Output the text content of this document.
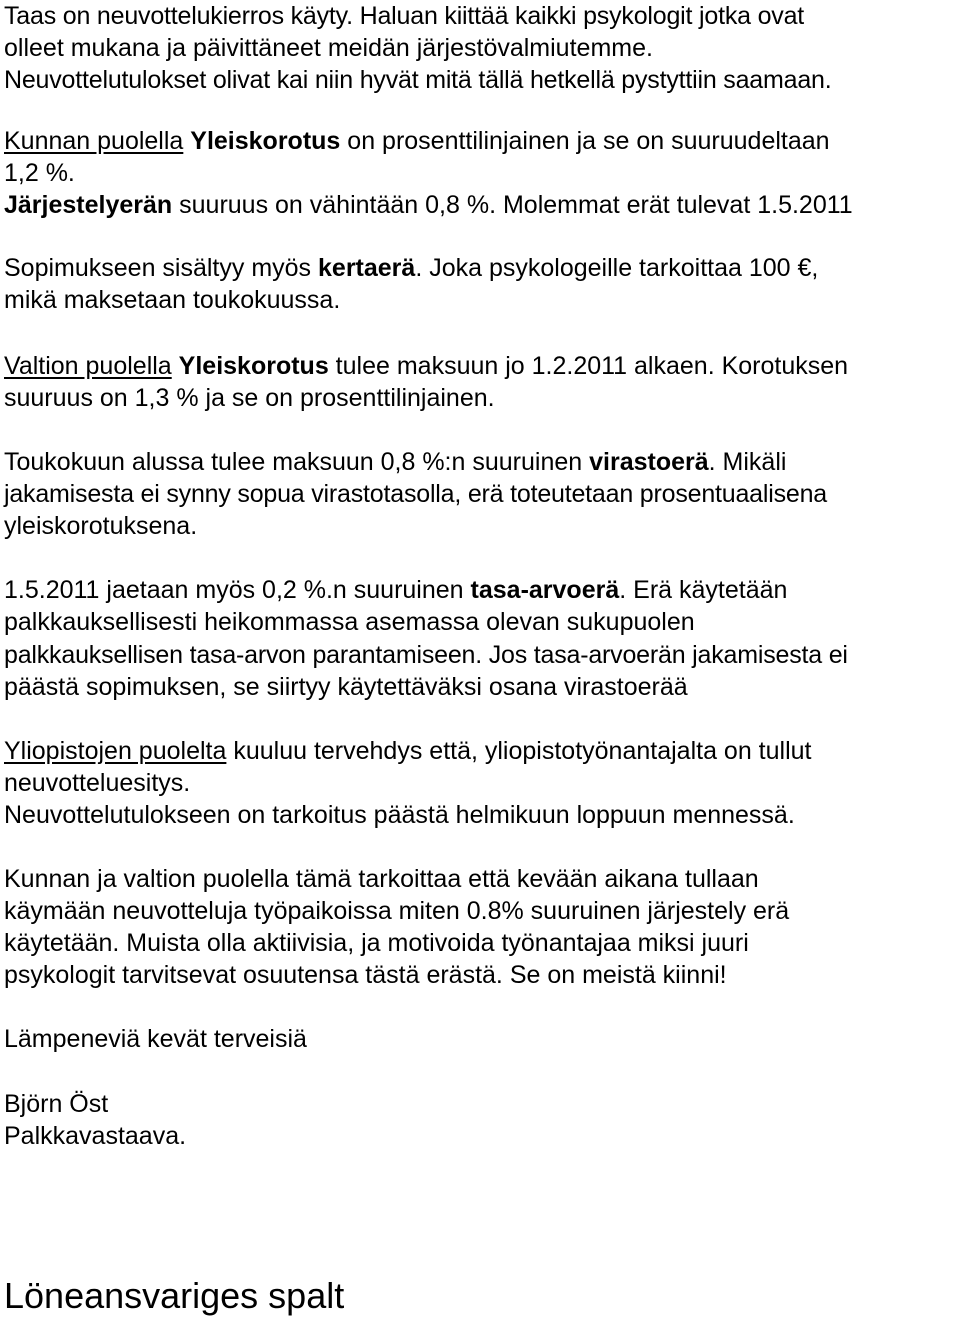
Taas on neuvottelukierros käyty. Haluan kiittää kaikki psykologit jotka ovat
olleet mukana ja päivittäneet meidän järjestövalmiutemme.
Neuvottelutulokset olivat kai niin hyvät mitä tällä hetkellä pystyttiin saamaan.
Kunnan puolella Yleiskorotus on prosenttilinjainen ja se on suuruudeltaan
1,2 %.
Järjestelyerän suuruus on vähintään 0,8 %. Molemmat erät tulevat 1.5.2011
Sopimukseen sisältyy myös kertaerä. Joka psykologeille tarkoittaa 100 €,
mikä maksetaan toukokuussa.
Valtion puolella Yleiskorotus tulee maksuun jo 1.2.2011 alkaen. Korotuksen
suuruus on 1,3 % ja se on prosenttilinjainen.
Toukokuun alussa tulee maksuun 0,8 %:n suuruinen virastoerä. Mikäli
jakamisesta ei synny sopua virastotasolla, erä toteutetaan prosentuaalisena
yleiskorotuksena.
1.5.2011 jaetaan myös 0,2 %.n suuruinen tasa-arvoerä. Erä käytetään
palkkauksellisesti heikommassa asemassa olevan sukupuolen
palkkauksellisen tasa-arvon parantamiseen. Jos tasa-arvoerän jakamisesta ei
päästä sopimuksen, se siirtyy käytettäväksi osana virastoerää
Yliopistojen puolelta kuuluu tervehdys että, yliopistotyönantajalta on tullut
neuvotteluesitys.
Neuvottelutulokseen on tarkoitus päästä helmikuun loppuun mennessä.
Kunnan ja valtion puolella tämä tarkoittaa että kevään aikana tullaan
käymään neuvotteluja työpaikoissa miten 0.8% suuruinen järjestely erä
käytetään. Muista olla aktiivisia, ja motivoida työnantajaa miksi juuri
psykologit tarvitsevat osuutensa tästä erästä. Se on meistä kiinni!
Lämpeneviä kevät terveisiä
Björn Öst
Palkkavastaava.
Löneansvariges spalt
